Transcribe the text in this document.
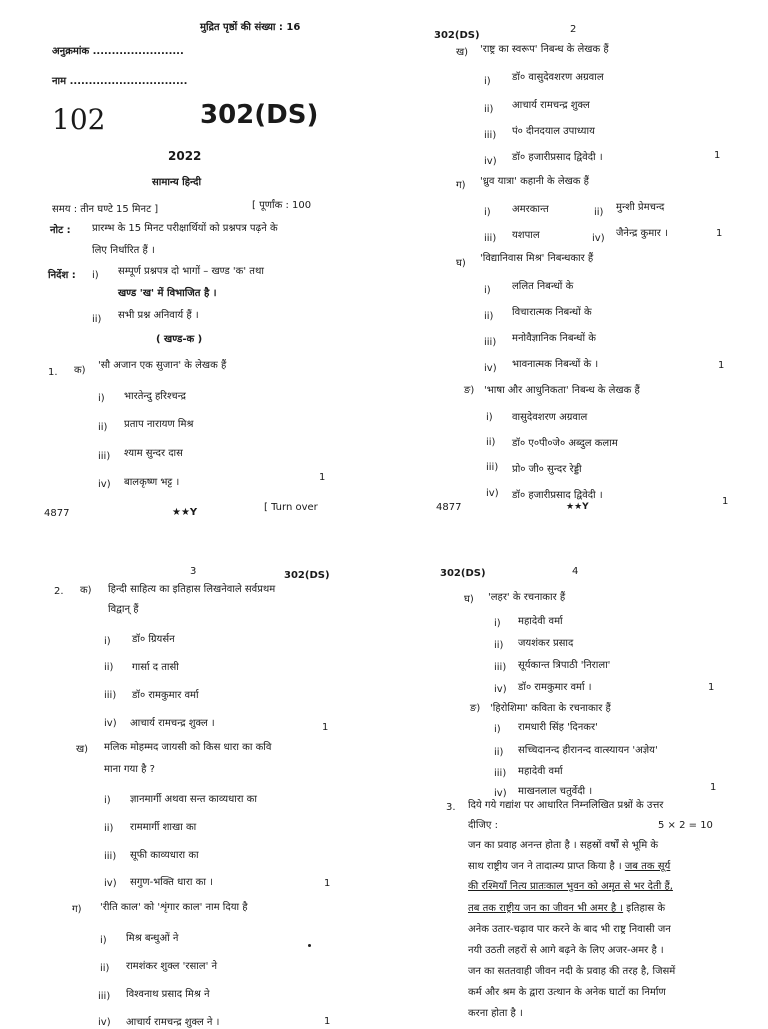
मुद्रित पृष्ठों की संख्या : 16
अनुक्रमांक ........................
नाम ...............................
102	302(DS)
2022
सामान्य हिन्दी
समय : तीन घण्टे 15 मिनट ]	[ पूर्णांक : 100
नोट : प्रारम्भ के 15 मिनट परीक्षार्थियों को प्रश्नपत्र पढ़ने के
लिए निर्धारित हैं ।
निर्देश : i) सम्पूर्ण प्रश्नपत्र दो भागों – खण्ड 'क' तथा
खण्ड 'ख' में विभाजित है ।
ii) सभी प्रश्न अनिवार्य हैं ।
( खण्ड-क )
1. क) 'सौ अजान एक सुजान' के लेखक हैं
i) भारतेन्दु हरिश्चन्द्र
ii) प्रताप नारायण मिश्र
iii) श्याम सुन्दर दास
iv) बालकृष्ण भट्ट ।	1
4877	★★Y	[ Turn over
302(DS)
2
ख) 'राष्ट्र का स्वरूप' निबन्ध के लेखक हैं
i) डॉ० वासुदेवशरण अग्रवाल
ii) आचार्य रामचन्द्र शुक्ल
iii) पं० दीनदयाल उपाध्याय
iv) डॉ० हजारीप्रसाद द्विवेदी ।	1
ग) 'ध्रुव यात्रा' कहानी के लेखक हैं
i) अमरकान्त	ii) मुन्शी प्रेमचन्द
iii) यशपाल	iv) जैनेन्द्र कुमार ।	1
घ) 'विद्यानिवास मिश्र' निबन्धकार हैं
i) ललित निबन्धों के
ii) विचारात्मक निबन्धों के
iii) मनोवैज्ञानिक निबन्धों के
iv) भावनात्मक निबन्धों के ।	1
ङ) 'भाषा और आधुनिकता' निबन्ध के लेखक हैं
i) वासुदेवशरण अग्रवाल
ii) डॉ० ए०पी०जे० अब्दुल कलाम
iii) प्रो० जी० सुन्दर रेड्डी
iv) डॉ० हजारीप्रसाद द्विवेदी ।
1
4877	★★Y
3	302(DS)
2. क) हिन्दी साहित्य का इतिहास लिखनेवाले सर्वप्रथम
विद्वान् हैं
i) डॉ० ग्रियर्सन
ii) गार्सा द तासी
iii) डॉ० रामकुमार वर्मा
iv) आचार्य रामचन्द्र शुक्ल ।	1
ख) मलिक मोहम्मद जायसी को किस धारा का कवि
माना गया है ?
i) ज्ञानमार्गी अथवा सन्त काव्यधारा का
ii) राममार्गी शाखा का
iii) सूफी काव्यधारा का
iv) सगुण-भक्ति धारा का ।	1
ग) 'रीति काल' को 'शृंगार काल' नाम दिया है
i) मिश्र बन्धुओं ने
ii) रामशंकर शुक्ल 'रसाल' ने
iii) विश्वनाथ प्रसाद मिश्र ने
iv) आचार्य रामचन्द्र शुक्ल ने ।	1
302(DS)	4
घ) 'लहर' के रचनाकार हैं
i) महादेवी वर्मा
ii) जयशंकर प्रसाद
iii) सूर्यकान्त त्रिपाठी 'निराला'
iv) डॉ० रामकुमार वर्मा ।	1
ङ) 'हिरोशिमा' कविता के रचनाकार हैं
i) रामधारी सिंह 'दिनकर'
ii) सच्चिदानन्द हीरानन्द वात्स्यायन 'अज्ञेय'
iii) महादेवी वर्मा
iv) माखनलाल चतुर्वेदी ।	1
3. दिये गये गद्यांश पर आधारित निम्नलिखित प्रश्नों के उत्तर
दीजिए :	5 × 2 = 10
जन का प्रवाह अनन्त होता है । सहस्रों वर्षों से भूमि के
साथ राष्ट्रीय जन ने तादात्म्य प्राप्त किया है । जब तक सूर्य
की रश्मियाँ नित्य प्रातःकाल भुवन को अमृत से भर देती हैं,
तब तक राष्ट्रीय जन का जीवन भी अमर है । इतिहास के
अनेक उतार-चढ़ाव पार करने के बाद भी राष्ट्र निवासी जन
नयी उठती लहरों से आगे बढ़ने के लिए अजर-अमर है ।
जन का सततवाही जीवन नदी के प्रवाह की तरह है, जिसमें
कर्म और श्रम के द्वारा उत्थान के अनेक घाटों का निर्माण
करना होता है ।
